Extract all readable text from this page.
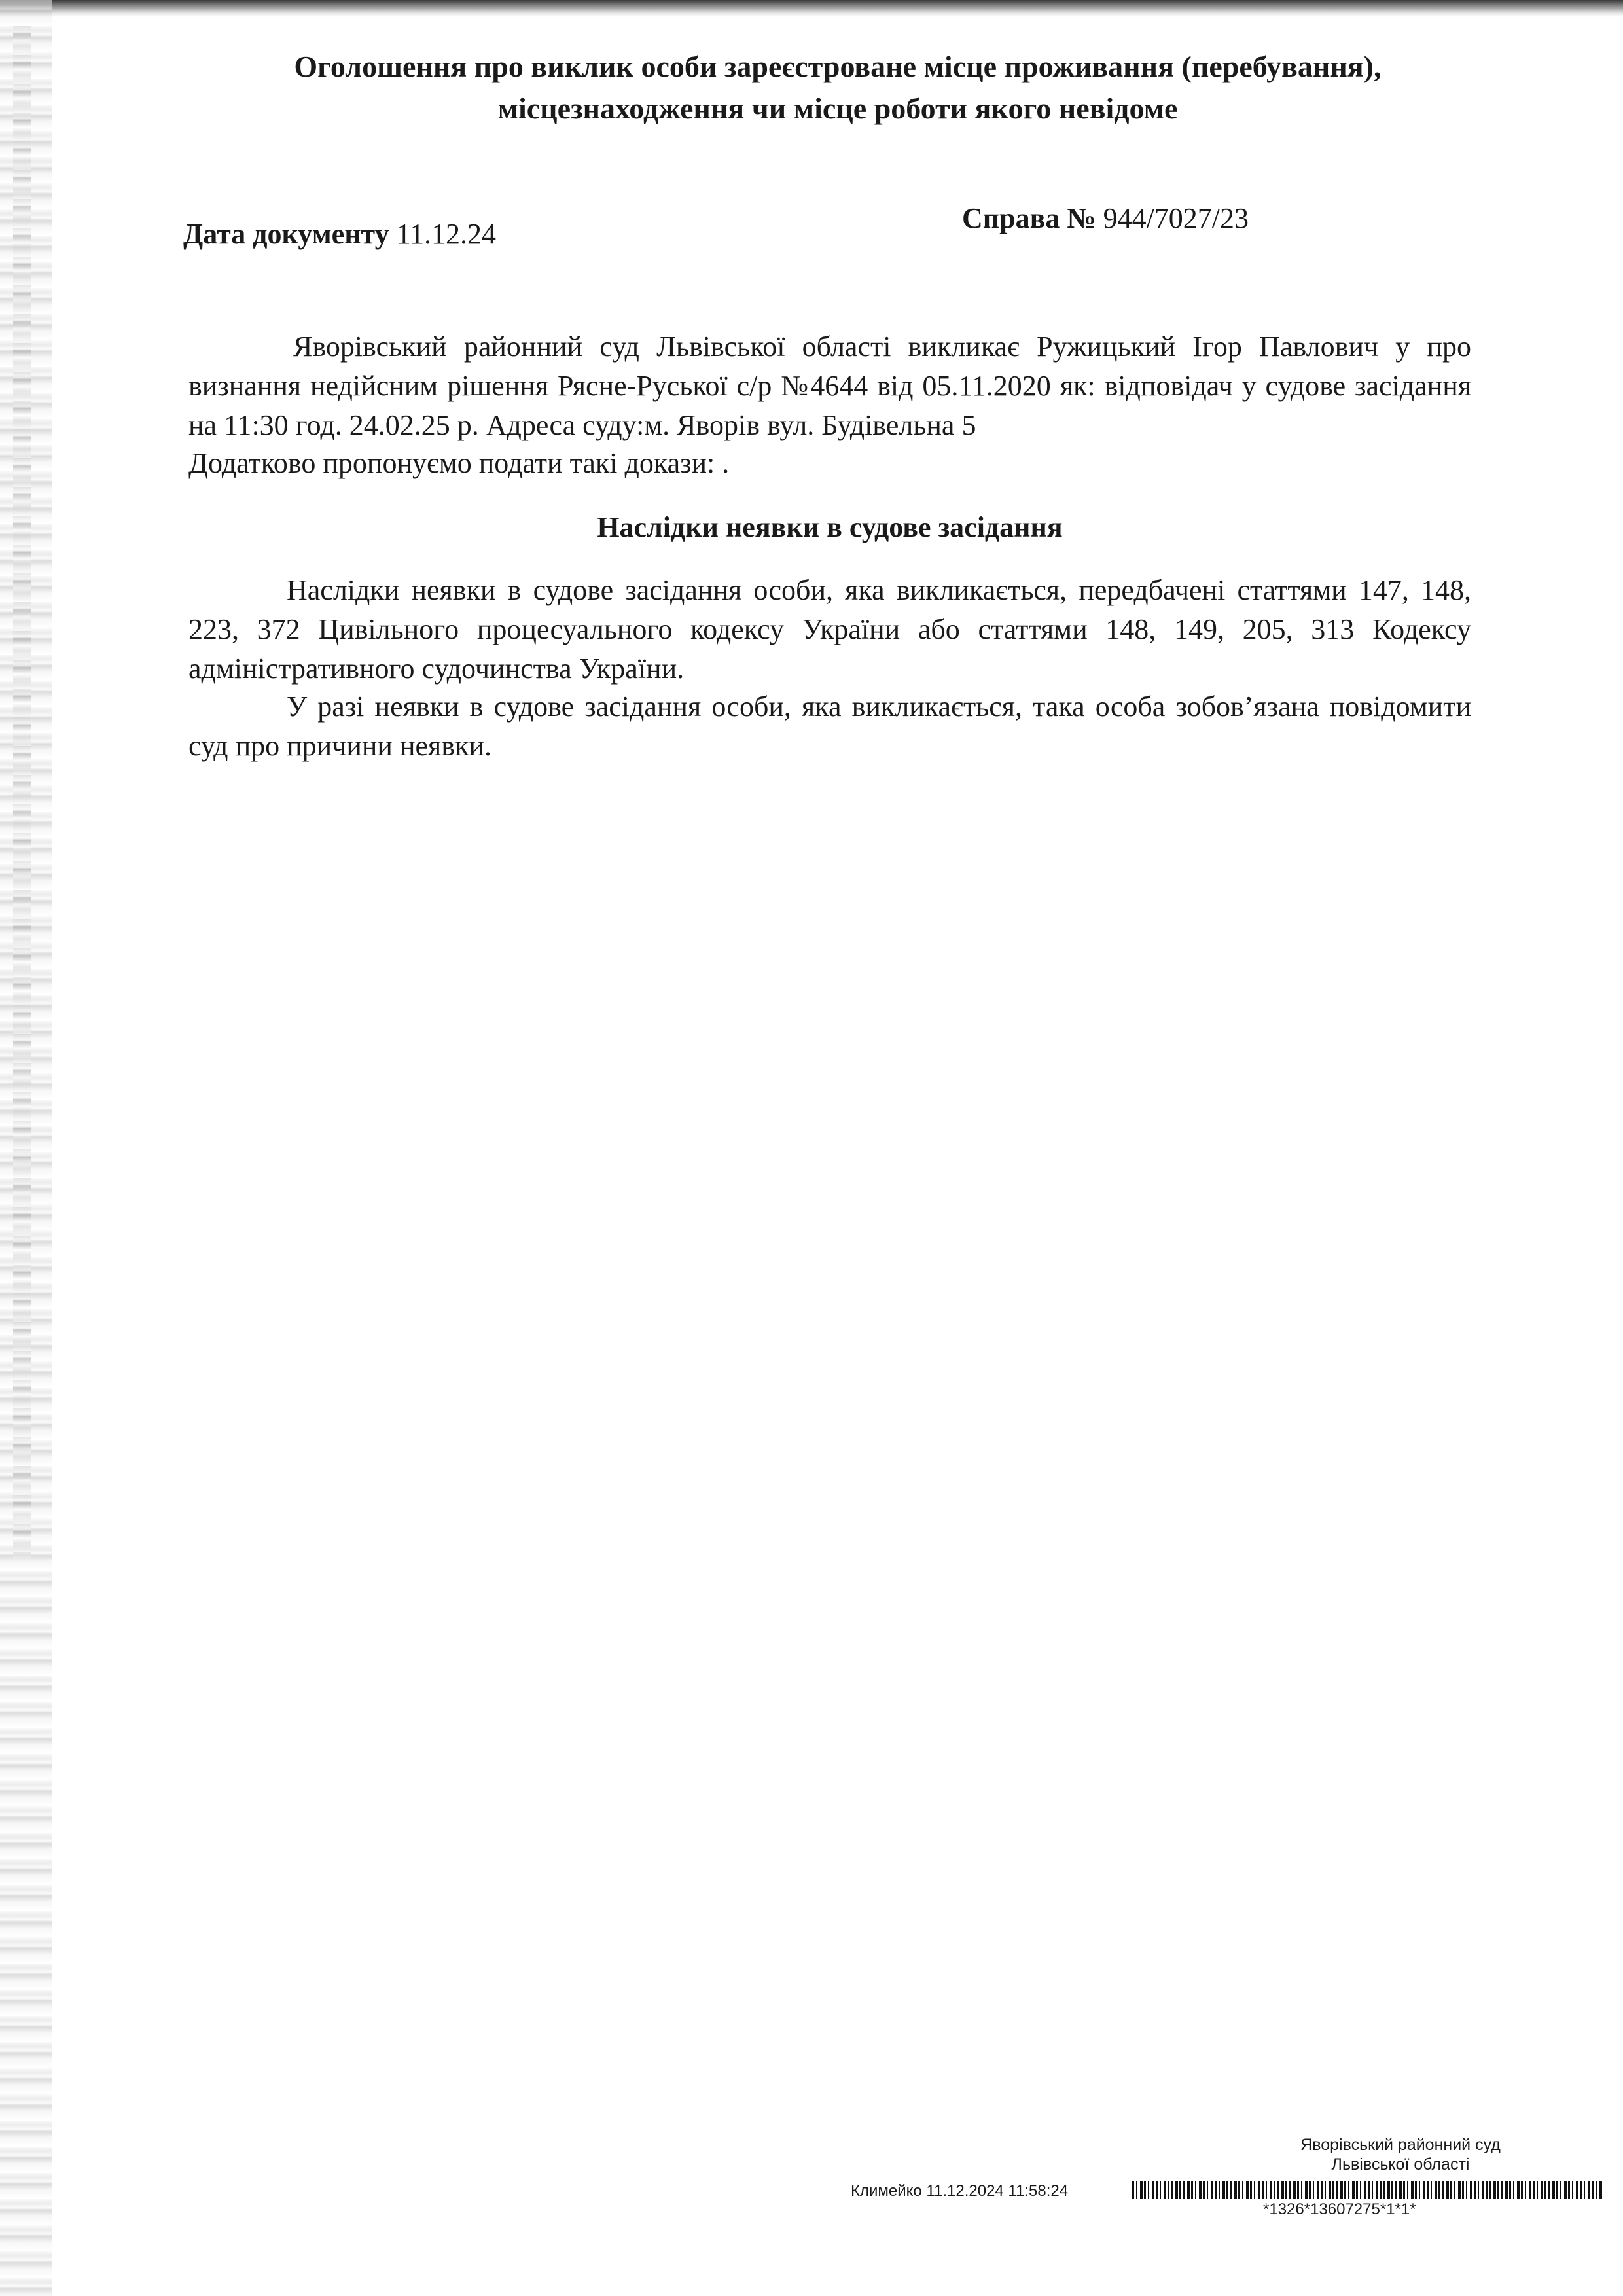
Оголошення про виклик особи зареєстроване місце проживання (перебування),
місцезнаходження чи місце роботи якого невідоме
Дата документу 11.12.24	Справа № 944/7027/23
Яворівський районний суд Львівської області викликає Ружицький Ігор Павлович у про визнання недійсним рішення Рясне-Руської с/р №4644 від 05.11.2020 як: відповідач у судове засідання на 11:30 год. 24.02.25 р. Адреса суду:м. Яворів вул. Будівельна 5
Додатково пропонуємо подати такі докази: .
Наслідки неявки в судове засідання
Наслідки неявки в судове засідання особи, яка викликається, передбачені статтями 147, 148, 223, 372 Цивільного процесуального кодексу України або статтями 148, 149, 205, 313 Кодексу адміністративного судочинства України.
У разі неявки в судове засідання особи, яка викликається, така особа зобов’язана повідомити суд про причини неявки.
Яворівський районний суд
Львівської області
Климейко 11.12.2024 11:58:24
*1326*13607275*1*1*
